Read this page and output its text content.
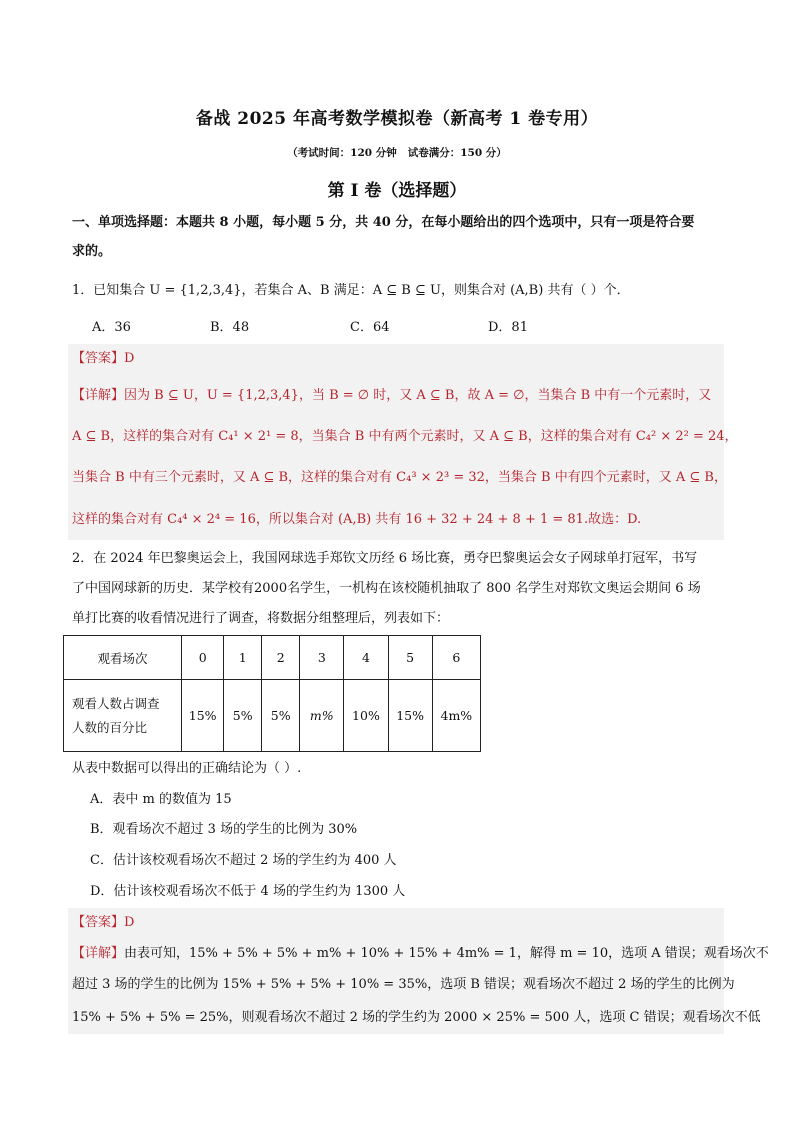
备战 2025 年高考数学模拟卷（新高考 1 卷专用）
（考试时间：120 分钟   试卷满分：150 分）
第 I 卷（选择题）
一、单项选择题：本题共 8 小题，每小题 5 分，共 40 分，在每小题给出的四个选项中，只有一项是符合要
求的。
1．已知集合 U = {1,2,3,4}，若集合 A、B 满足：A ⊆ B ⊆ U，则集合对 (A,B) 共有（ ）个．
A．36	B．48	C．64	D．81
【答案】D
【详解】因为 B ⊆ U，U = {1,2,3,4}，当 B = ∅ 时，又 A ⊆ B，故 A = ∅，当集合 B 中有一个元素时，又
A ⊆ B，这样的集合对有 C₄¹ × 2¹ = 8，当集合 B 中有两个元素时，又 A ⊆ B，这样的集合对有 C₄² × 2² = 24，
当集合 B 中有三个元素时，又 A ⊆ B，这样的集合对有 C₄³ × 2³ = 32，当集合 B 中有四个元素时，又 A ⊆ B，
这样的集合对有 C₄⁴ × 2⁴ = 16，所以集合对 (A,B) 共有 16 + 32 + 24 + 8 + 1 = 81.故选：D.
2．在 2024 年巴黎奥运会上，我国网球选手郑钦文历经 6 场比赛，勇夺巴黎奥运会女子网球单打冠军，书写
了中国网球新的历史．某学校有2000名学生，一机构在该校随机抽取了 800 名学生对郑钦文奥运会期间 6 场
单打比赛的收看情况进行了调查，将数据分组整理后，列表如下：
观看场次	0	1	2	3	4	5	6

观看人数占调查
人数的百分比	15%	5%	5%	m%	10%	15%	4m%
从表中数据可以得出的正确结论为（ ）.
A．表中 m 的数值为 15
B．观看场次不超过 3 场的学生的比例为 30%
C．估计该校观看场次不超过 2 场的学生约为 400 人
D．估计该校观看场次不低于 4 场的学生约为 1300 人
【答案】D
【详解】由表可知，15% + 5% + 5% + m% + 10% + 15% + 4m% = 1，解得 m = 10，选项 A 错误；观看场次不
超过 3 场的学生的比例为 15% + 5% + 5% + 10% = 35%，选项 B 错误；观看场次不超过 2 场的学生的比例为
15% + 5% + 5% = 25%，则观看场次不超过 2 场的学生约为 2000 × 25% = 500 人，选项 C 错误；观看场次不低
